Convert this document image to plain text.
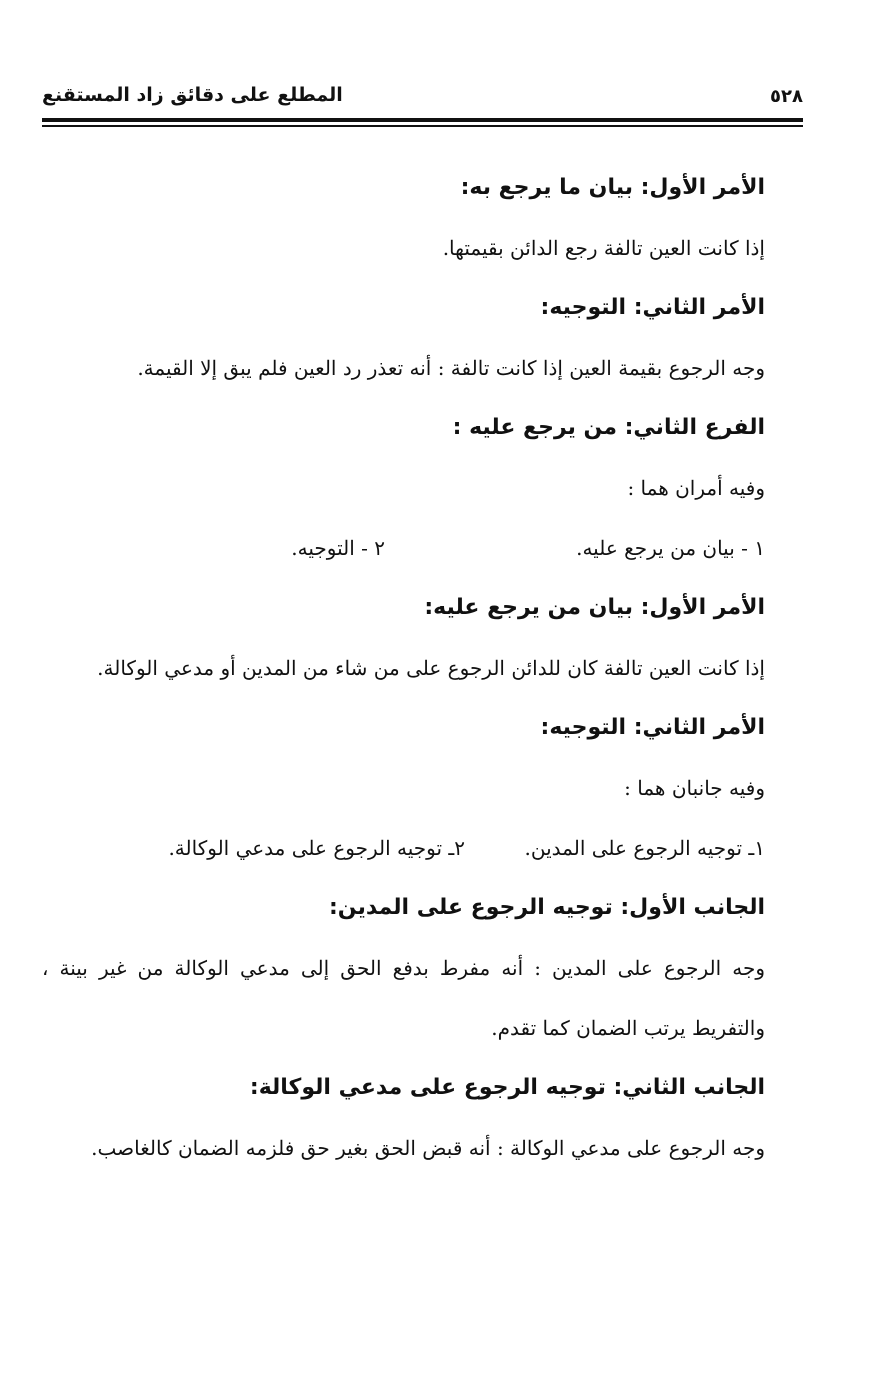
المطلع على دقائق زاد المستقنع	٥٢٨
الأمر الأول: بيان ما يرجع به:
إذا كانت العين تالفة رجع الدائن بقيمتها.
الأمر الثاني: التوجيه:
وجه الرجوع بقيمة العين إذا كانت تالفة : أنه تعذر رد العين فلم يبق إلا القيمة.
الفرع الثاني: من يرجع عليه :
وفيه أمران هما :
١ - بيان من يرجع عليه.
٢ - التوجيه.
الأمر الأول: بيان من يرجع عليه:
إذا كانت العين تالفة كان للدائن الرجوع على من شاء من المدين أو مدعي الوكالة.
الأمر الثاني: التوجيه:
وفيه جانبان هما :
١ـ توجيه الرجوع على المدين.
٢ـ توجيه الرجوع على مدعي الوكالة.
الجانب الأول: توجيه الرجوع على المدين:
وجه الرجوع على المدين : أنه مفرط بدفع الحق إلى مدعي الوكالة من غير بينة ، والتفريط يرتب الضمان كما تقدم.
الجانب الثاني: توجيه الرجوع على مدعي الوكالة:
وجه الرجوع على مدعي الوكالة : أنه قبض الحق بغير حق فلزمه الضمان كالغاصب.
